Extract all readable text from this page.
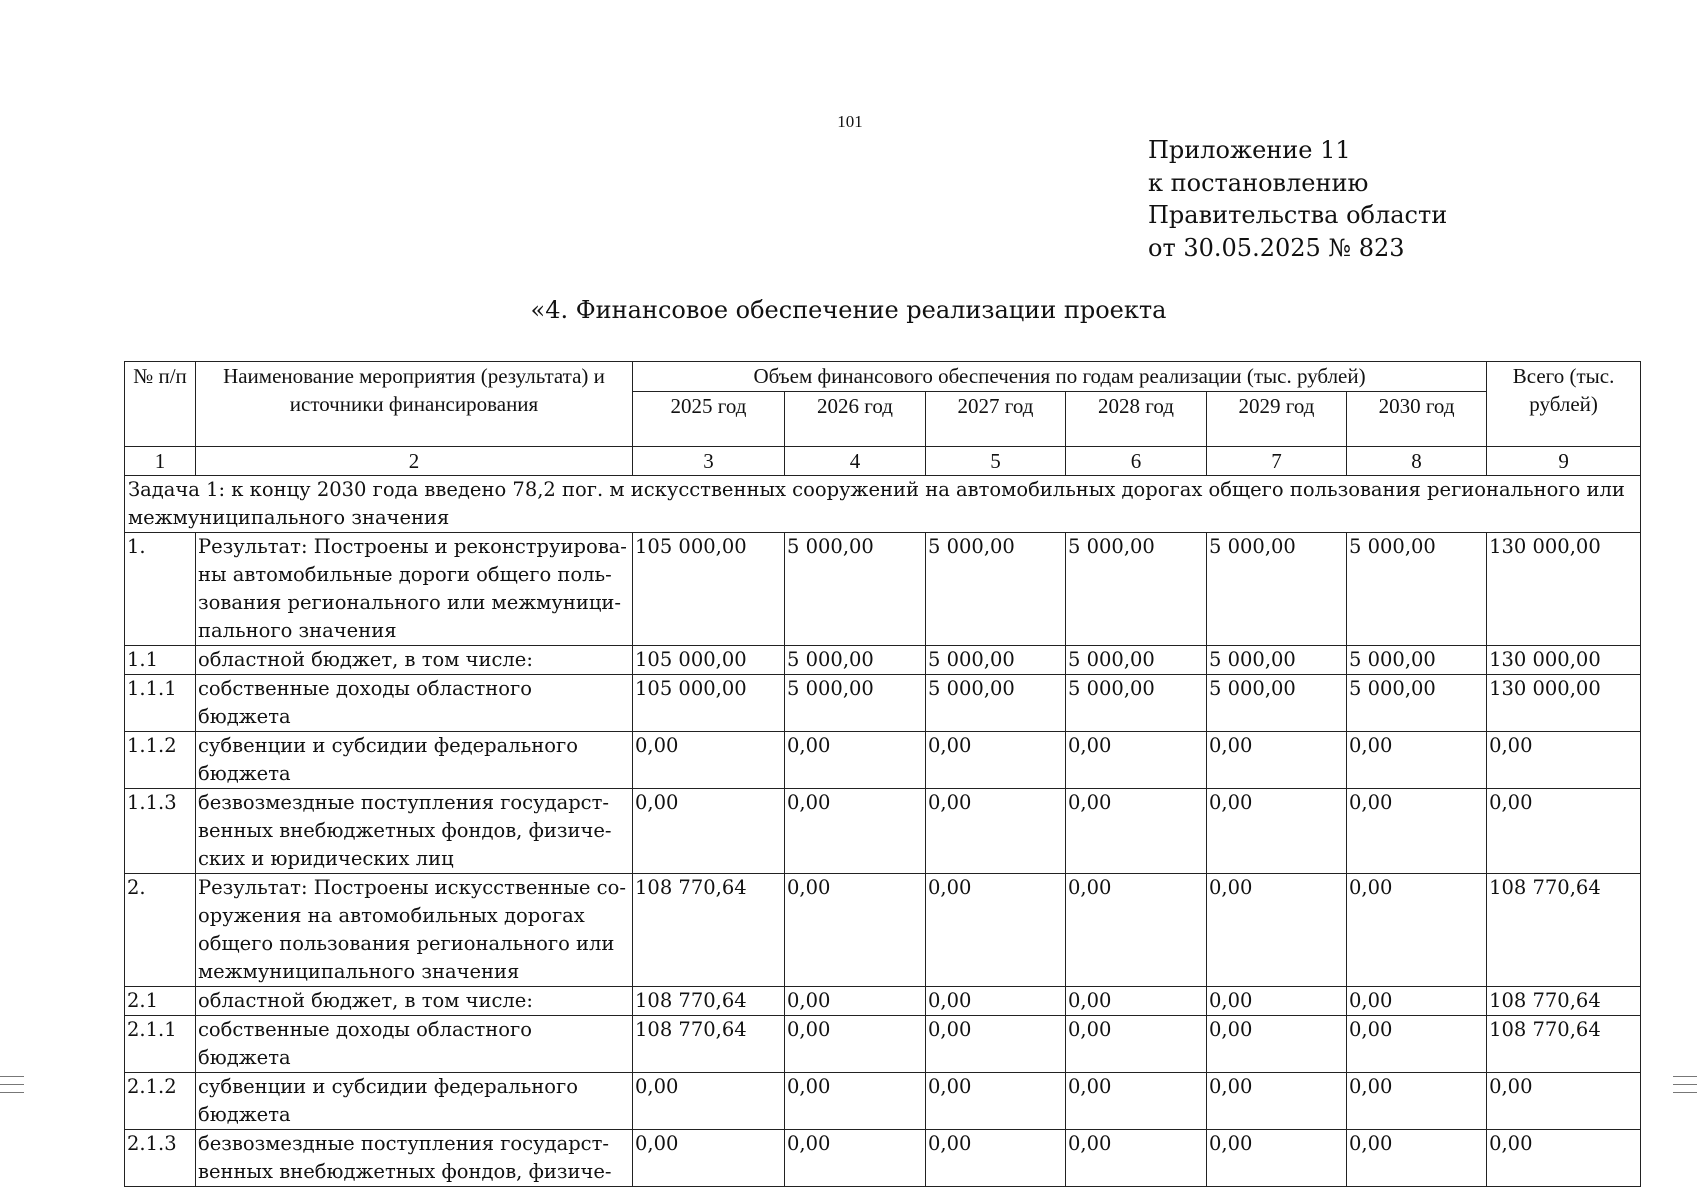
101
Приложение 11
к постановлению
Правительства области
от 30.05.2025 № 823
«4. Финансовое обеспечение реализации проекта
№ п/п	Наименование мероприятия (результата) и источники финансирования	Объем финансового обеспечения по годам реализации (тыс. рублей)						Всего (тыс. рублей)
		2025 год	2026 год	2027 год	2028 год	2029 год	2030 год	
1	2	3	4	5	6	7	8	9
Задача 1: к концу 2030 года введено 78,2 пог. м искусственных сооружений на автомобильных дорогах общего пользования регионального или межмуниципального значения								
1.	Результат: Построены и реконструирова-ны автомобильные дороги общего поль-зования регионального или межмуници-пального значения	105 000,00	5 000,00	5 000,00	5 000,00	5 000,00	5 000,00	130 000,00
1.1	областной бюджет, в том числе:	105 000,00	5 000,00	5 000,00	5 000,00	5 000,00	5 000,00	130 000,00
1.1.1	собственные доходы областного бюджета	105 000,00	5 000,00	5 000,00	5 000,00	5 000,00	5 000,00	130 000,00
1.1.2	субвенции и субсидии федерального бюджета	0,00	0,00	0,00	0,00	0,00	0,00	0,00
1.1.3	безвозмездные поступления государст-венных внебюджетных фондов, физиче-ских и юридических лиц	0,00	0,00	0,00	0,00	0,00	0,00	0,00
2.	Результат: Построены искусственные со-оружения на автомобильных дорогах общего пользования регионального или межмуниципального значения	108 770,64	0,00	0,00	0,00	0,00	0,00	108 770,64
2.1	областной бюджет, в том числе:	108 770,64	0,00	0,00	0,00	0,00	0,00	108 770,64
2.1.1	собственные доходы областного бюджета	108 770,64	0,00	0,00	0,00	0,00	0,00	108 770,64
2.1.2	субвенции и субсидии федерального бюджета	0,00	0,00	0,00	0,00	0,00	0,00	0,00
2.1.3	безвозмездные поступления государст-венных внебюджетных фондов, физиче-	0,00	0,00	0,00	0,00	0,00	0,00	0,00
